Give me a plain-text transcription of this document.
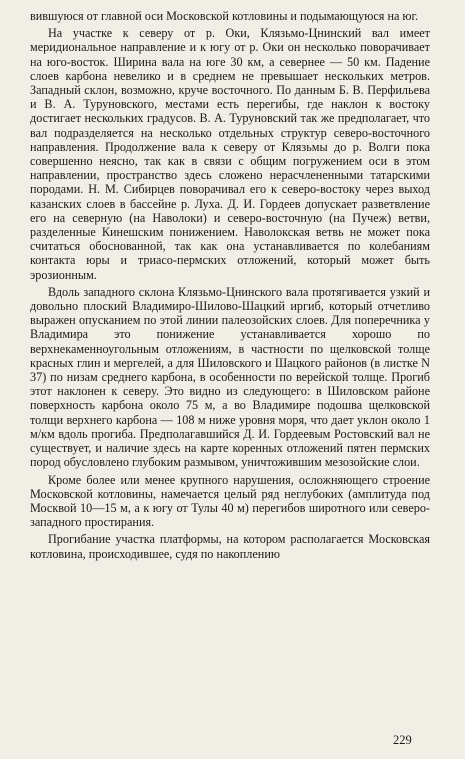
вившуюся от главной оси Московской котловины и подымающуюся на юг.

На участке к северу от р. Оки, Клязьмо-Цнинский вал имеет меридиональное направление и к югу от р. Оки он несколько поворачивает на юго-восток. Ширина вала на юге 30 км, а севернее — 50 км. Падение слоев карбона невелико и в среднем не превышает нескольких метров. Западный склон, возможно, круче восточного. По данным Б. В. Перфильева и В. А. Туруновского, местами есть перегибы, где наклон к востоку достигает нескольких градусов. В. А. Туруновский так же предполагает, что вал подразделяется на несколько отдельных структур северо-восточного направления. Продолжение вала к северу от Клязьмы до р. Волги пока совершенно неясно, так как в связи с общим погружением оси в этом направлении, пространство здесь сложено нерасчлененными татарскими породами. Н. М. Сибирцев поворачивал его к северо-востоку через выход казанских слоев в бассейне р. Луха. Д. И. Гордеев допускает разветвление его на северную (на Наволоки) и северо-восточную (на Пучеж) ветви, разделенные Кинешским понижением. Наволокская ветвь не может пока считаться обоснованной, так как она устанавливается по колебаниям контакта юры и триасо-пермских отложений, который может быть эрозионным.

Вдоль западного склона Клязьмо-Цнинского вала протягивается узкий и довольно плоский Владимиро-Шилово-Шацкий иргиб, который отчетливо выражен опусканием по этой линии палеозойских слоев. Для поперечника у Владимира это понижение устанавливается хорошо по верхнекаменноугольным отложениям, в частности по щелковской толще красных глин и мергелей, а для Шиловского и Шацкого районов (в листке N 37) по низам среднего карбона, в особенности по верейской толще. Прогиб этот наклонен к северу. Это видно из следующего: в Шиловском районе поверхность карбона около 75 м, а во Владимире подошва щелковской толщи верхнего карбона — 108 м ниже уровня моря, что дает уклон около 1 м/км вдоль прогиба. Предполагавшийся Д. И. Гордеевым Ростовский вал не существует, и наличие здесь на карте коренных отложений пятен пермских пород обусловлено глубоким размывом, уничтожившим мезозойские слои.

Кроме более или менее крупного нарушения, осложняющего строение Московской котловины, намечается целый ряд неглубоких (амплитуда под Москвой 10—15 м, а к югу от Тулы 40 м) перегибов широтного или северо-западного простирания.

Прогибание участка платформы, на котором располагается Московская котловина, происходившее, судя по накоплению

229
